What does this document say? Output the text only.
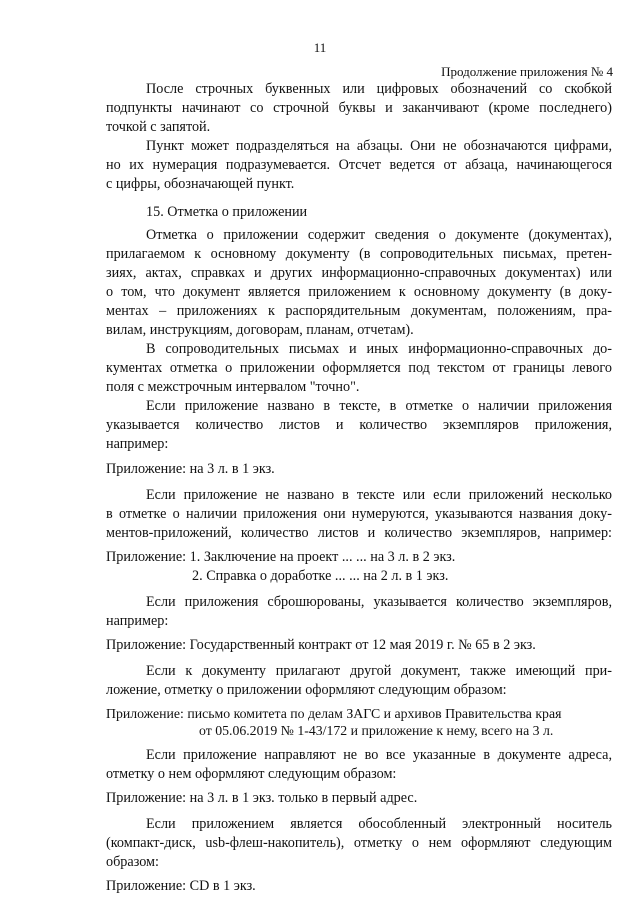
11
Продолжение приложения № 4
После строчных буквенных или цифровых обозначений со скобкой
подпункты начинают со строчной буквы и заканчивают (кроме последнего)
точкой с запятой.
Пункт может подразделяться на абзацы. Они не обозначаются цифрами,
но их нумерация подразумевается. Отсчет ведется от абзаца, начинающегося
с цифры, обозначающей пункт.
15. Отметка о приложении
Отметка о приложении содержит сведения о документе (документах),
прилагаемом к основному документу (в сопроводительных письмах, претен-
зиях, актах, справках и других информационно-справочных документах) или
о том, что документ является приложением к основному документу (в доку-
ментах – приложениях к распорядительным документам, положениям, пра-
вилам, инструкциям, договорам, планам, отчетам).
В сопроводительных письмах и иных информационно-справочных до-
кументах отметка о приложении оформляется под текстом от границы левого
поля с межстрочным интервалом "точно".
Если приложение названо в тексте, в отметке о наличии приложения
указывается количество листов и количество экземпляров приложения,
например:
Приложение: на 3 л. в 1 экз.
Если приложение не названо в тексте или если приложений несколько
в отметке о наличии приложения они нумеруются, указываются названия доку-
ментов-приложений, количество листов и количество экземпляров, например:
Приложение: 1. Заключение на проект ... ... на 3 л. в 2 экз.
2. Справка о доработке ... ... на 2 л. в 1 экз.
Если приложения сброшюрованы, указывается количество экземпляров,
например:
Приложение: Государственный контракт от 12 мая 2019 г. № 65 в 2 экз.
Если к документу прилагают другой документ, также имеющий при-
ложение, отметку о приложении оформляют следующим образом:
Приложение: письмо комитета по делам ЗАГС и архивов Правительства края
от 05.06.2019 № 1-43/172 и приложение к нему, всего на 3 л.
Если приложение направляют не во все указанные в документе адреса,
отметку о нем оформляют следующим образом:
Приложение: на 3 л. в 1 экз. только в первый адрес.
Если приложением является обособленный электронный носитель
(компакт-диск, usb-флеш-накопитель), отметку о нем оформляют следующим
образом:
Приложение: CD в 1 экз.
